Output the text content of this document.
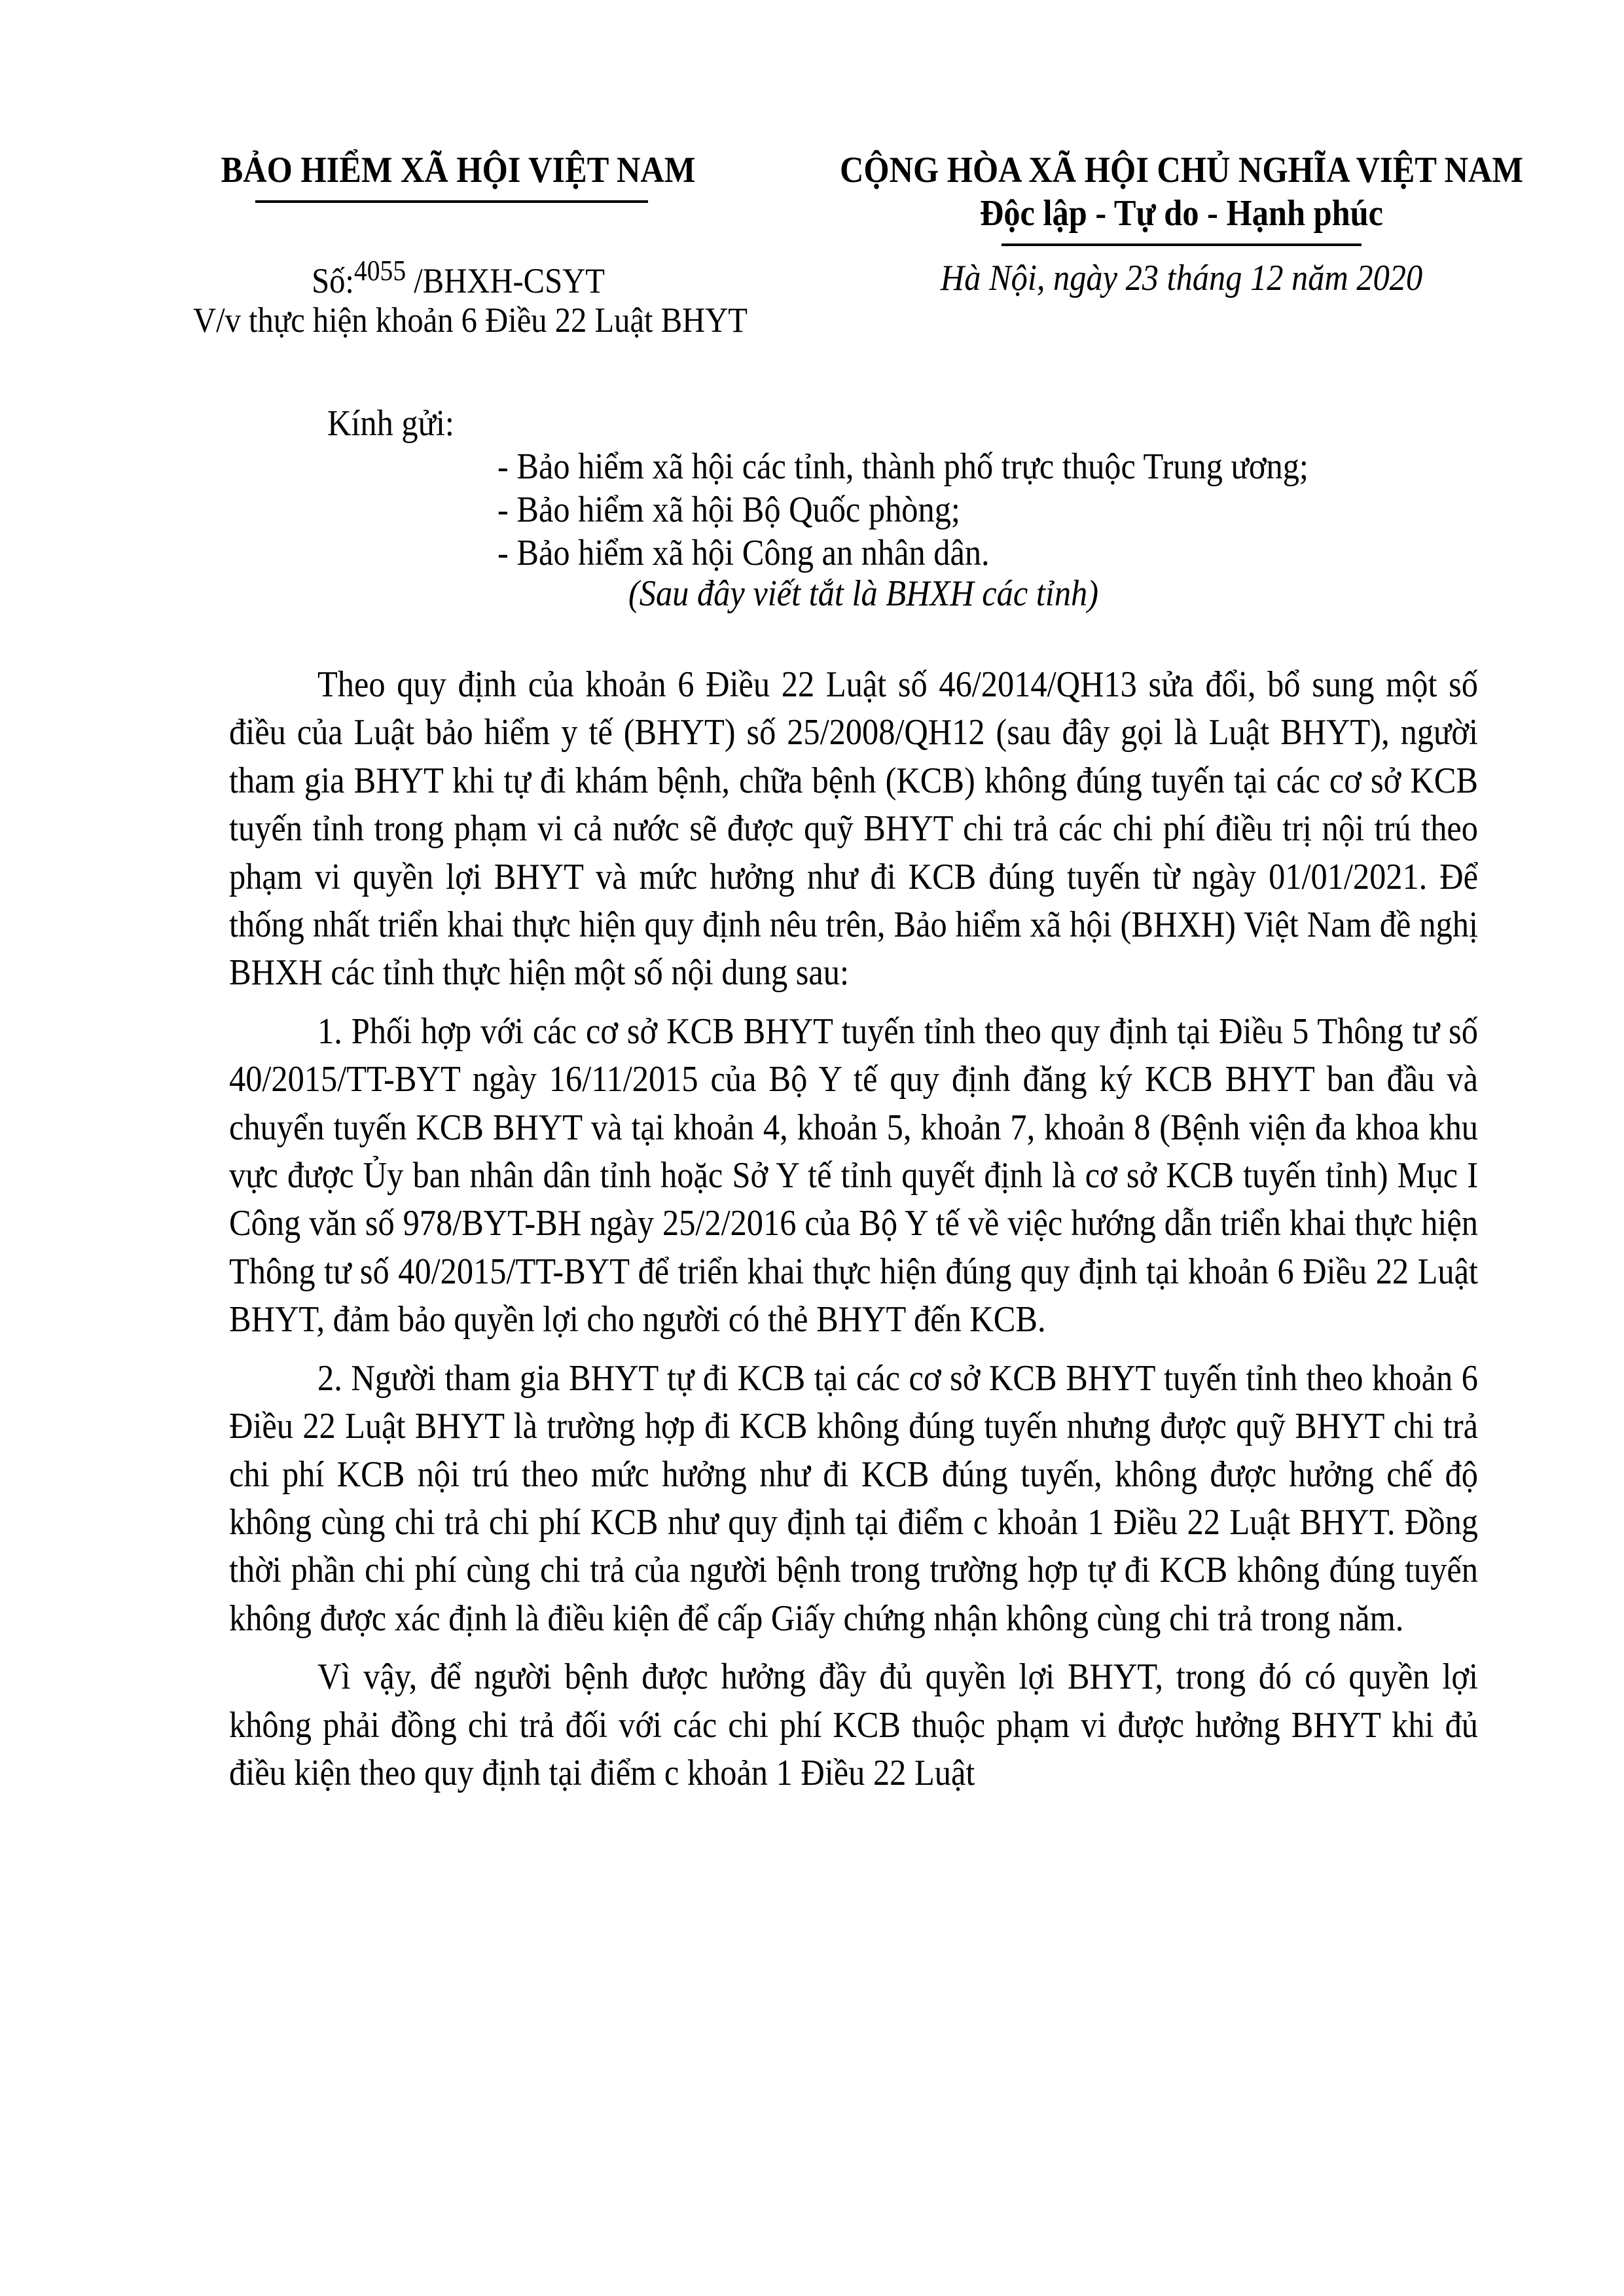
BẢO HIỂM XÃ HỘI VIỆT NAM	CỘNG HÒA XÃ HỘI CHỦ NGHĨA VIỆT NAM
Độc lập - Tự do - Hạnh phúc
Số:$^{4055}$ /BHXH-CSYT
V/v thực hiện khoản 6 Điều 22 Luật BHYT
Hà Nội, ngày 23 tháng 12 năm 2020
Kính gửi:
- Bảo hiểm xã hội các tỉnh, thành phố trực thuộc Trung ương;
- Bảo hiểm xã hội Bộ Quốc phòng;
- Bảo hiểm xã hội Công an nhân dân.
(Sau đây viết tắt là BHXH các tỉnh)

Theo quy định của khoản 6 Điều 22 Luật số 46/2014/QH13 sửa đổi, bổ sung một số điều của Luật bảo hiểm y tế (BHYT) số 25/2008/QH12 (sau đây gọi là Luật BHYT), người tham gia BHYT khi tự đi khám bệnh, chữa bệnh (KCB) không đúng tuyến tại các cơ sở KCB tuyến tỉnh trong phạm vi cả nước sẽ được quỹ BHYT chi trả các chi phí điều trị nội trú theo phạm vi quyền lợi BHYT và mức hưởng như đi KCB đúng tuyến từ ngày 01/01/2021. Để thống nhất triển khai thực hiện quy định nêu trên, Bảo hiểm xã hội (BHXH) Việt Nam đề nghị BHXH các tỉnh thực hiện một số nội dung sau:

1. Phối hợp với các cơ sở KCB BHYT tuyến tỉnh theo quy định tại Điều 5 Thông tư số 40/2015/TT-BYT ngày 16/11/2015 của Bộ Y tế quy định đăng ký KCB BHYT ban đầu và chuyển tuyến KCB BHYT và tại khoản 4, khoản 5, khoản 7, khoản 8 (Bệnh viện đa khoa khu vực được Ủy ban nhân dân tỉnh hoặc Sở Y tế tỉnh quyết định là cơ sở KCB tuyến tỉnh) Mục I Công văn số 978/BYT-BH ngày 25/2/2016 của Bộ Y tế về việc hướng dẫn triển khai thực hiện Thông tư số 40/2015/TT-BYT để triển khai thực hiện đúng quy định tại khoản 6 Điều 22 Luật BHYT, đảm bảo quyền lợi cho người có thẻ BHYT đến KCB.

2. Người tham gia BHYT tự đi KCB tại các cơ sở KCB BHYT tuyến tỉnh theo khoản 6 Điều 22 Luật BHYT là trường hợp đi KCB không đúng tuyến nhưng được quỹ BHYT chi trả chi phí KCB nội trú theo mức hưởng như đi KCB đúng tuyến, không được hưởng chế độ không cùng chi trả chi phí KCB như quy định tại điểm c khoản 1 Điều 22 Luật BHYT. Đồng thời phần chi phí cùng chi trả của người bệnh trong trường hợp tự đi KCB không đúng tuyến không được xác định là điều kiện để cấp Giấy chứng nhận không cùng chi trả trong năm.

Vì vậy, để người bệnh được hưởng đầy đủ quyền lợi BHYT, trong đó có quyền lợi không phải đồng chi trả đối với các chi phí KCB thuộc phạm vi được hưởng BHYT khi đủ điều kiện theo quy định tại điểm c khoản 1 Điều 22 Luật
